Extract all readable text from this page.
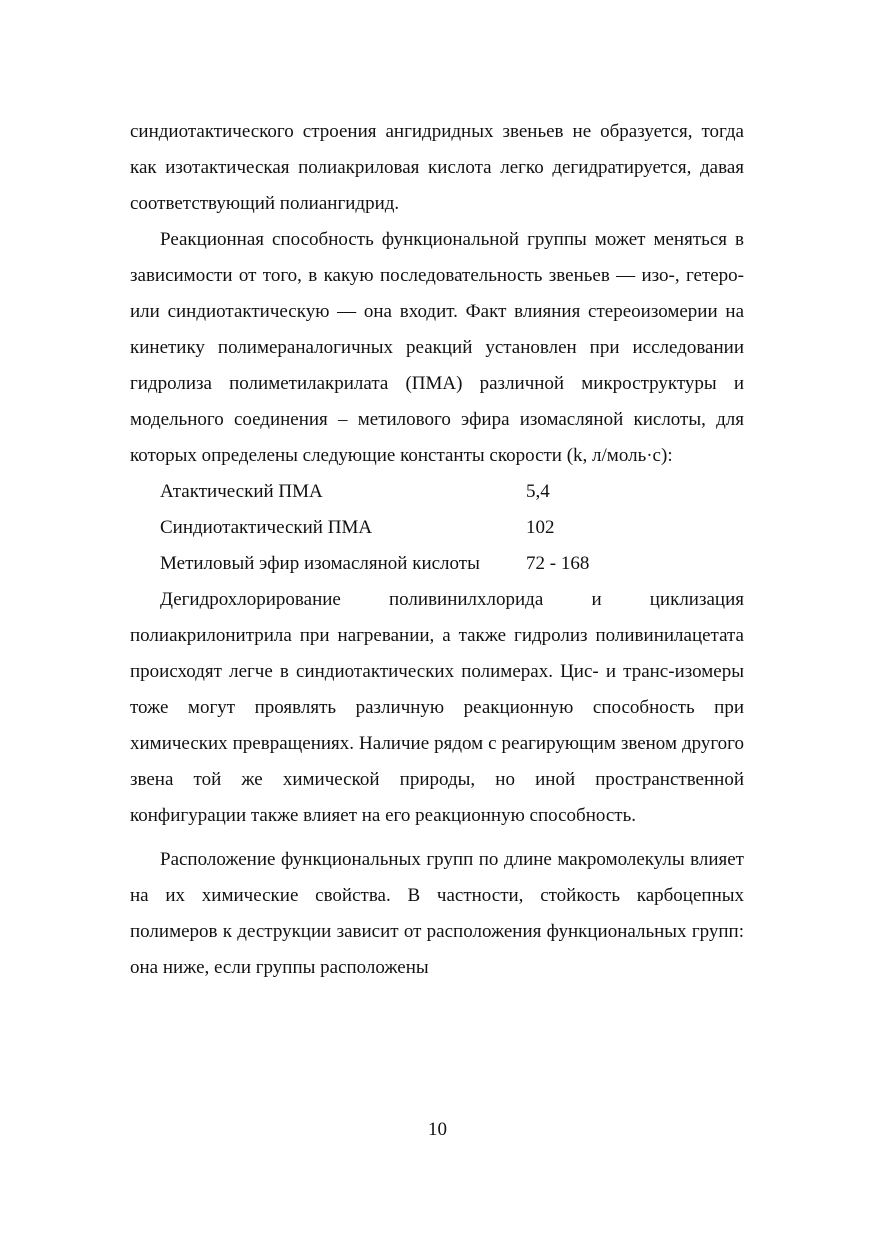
синдиотактического строения ангидридных звеньев не образуется, тогда как изотактическая полиакриловая кислота легко дегидратируется, давая соответствующий полиангидрид.

Реакционная способность функциональной группы может меняться в зависимости от того, в какую последовательность звеньев — изо-, гетеро- или синдиотактическую — она входит. Факт влияния стереоизомерии на кинетику полимераналогичных реакций установлен при исследовании гидролиза полиметилакрилата (ПМА) различной микроструктуры и модельного соединения – метилового эфира изомасляной кислоты, для которых определены следующие константы скорости (k, л/моль·с):

Атактический ПМА	5,4
Синдиотактический ПМА	102
Метиловый эфир изомасляной кислоты	72 - 168

Дегидрохлорирование поливинилхлорида и циклизация полиакрилонитрила при нагревании, а также гидролиз поливинилацетата происходят легче в синдиотактических полимерах. Цис- и транс-изомеры тоже могут проявлять различную реакционную способность при химических превращениях. Наличие рядом с реагирующим звеном другого звена той же химической природы, но иной пространственной конфигурации также влияет на его реакционную способность.

Расположение функциональных групп по длине макромолекулы влияет на их химические свойства. В частности, стойкость карбоцепных полимеров к деструкции зависит от расположения функциональных групп: она ниже, если группы расположены

10
